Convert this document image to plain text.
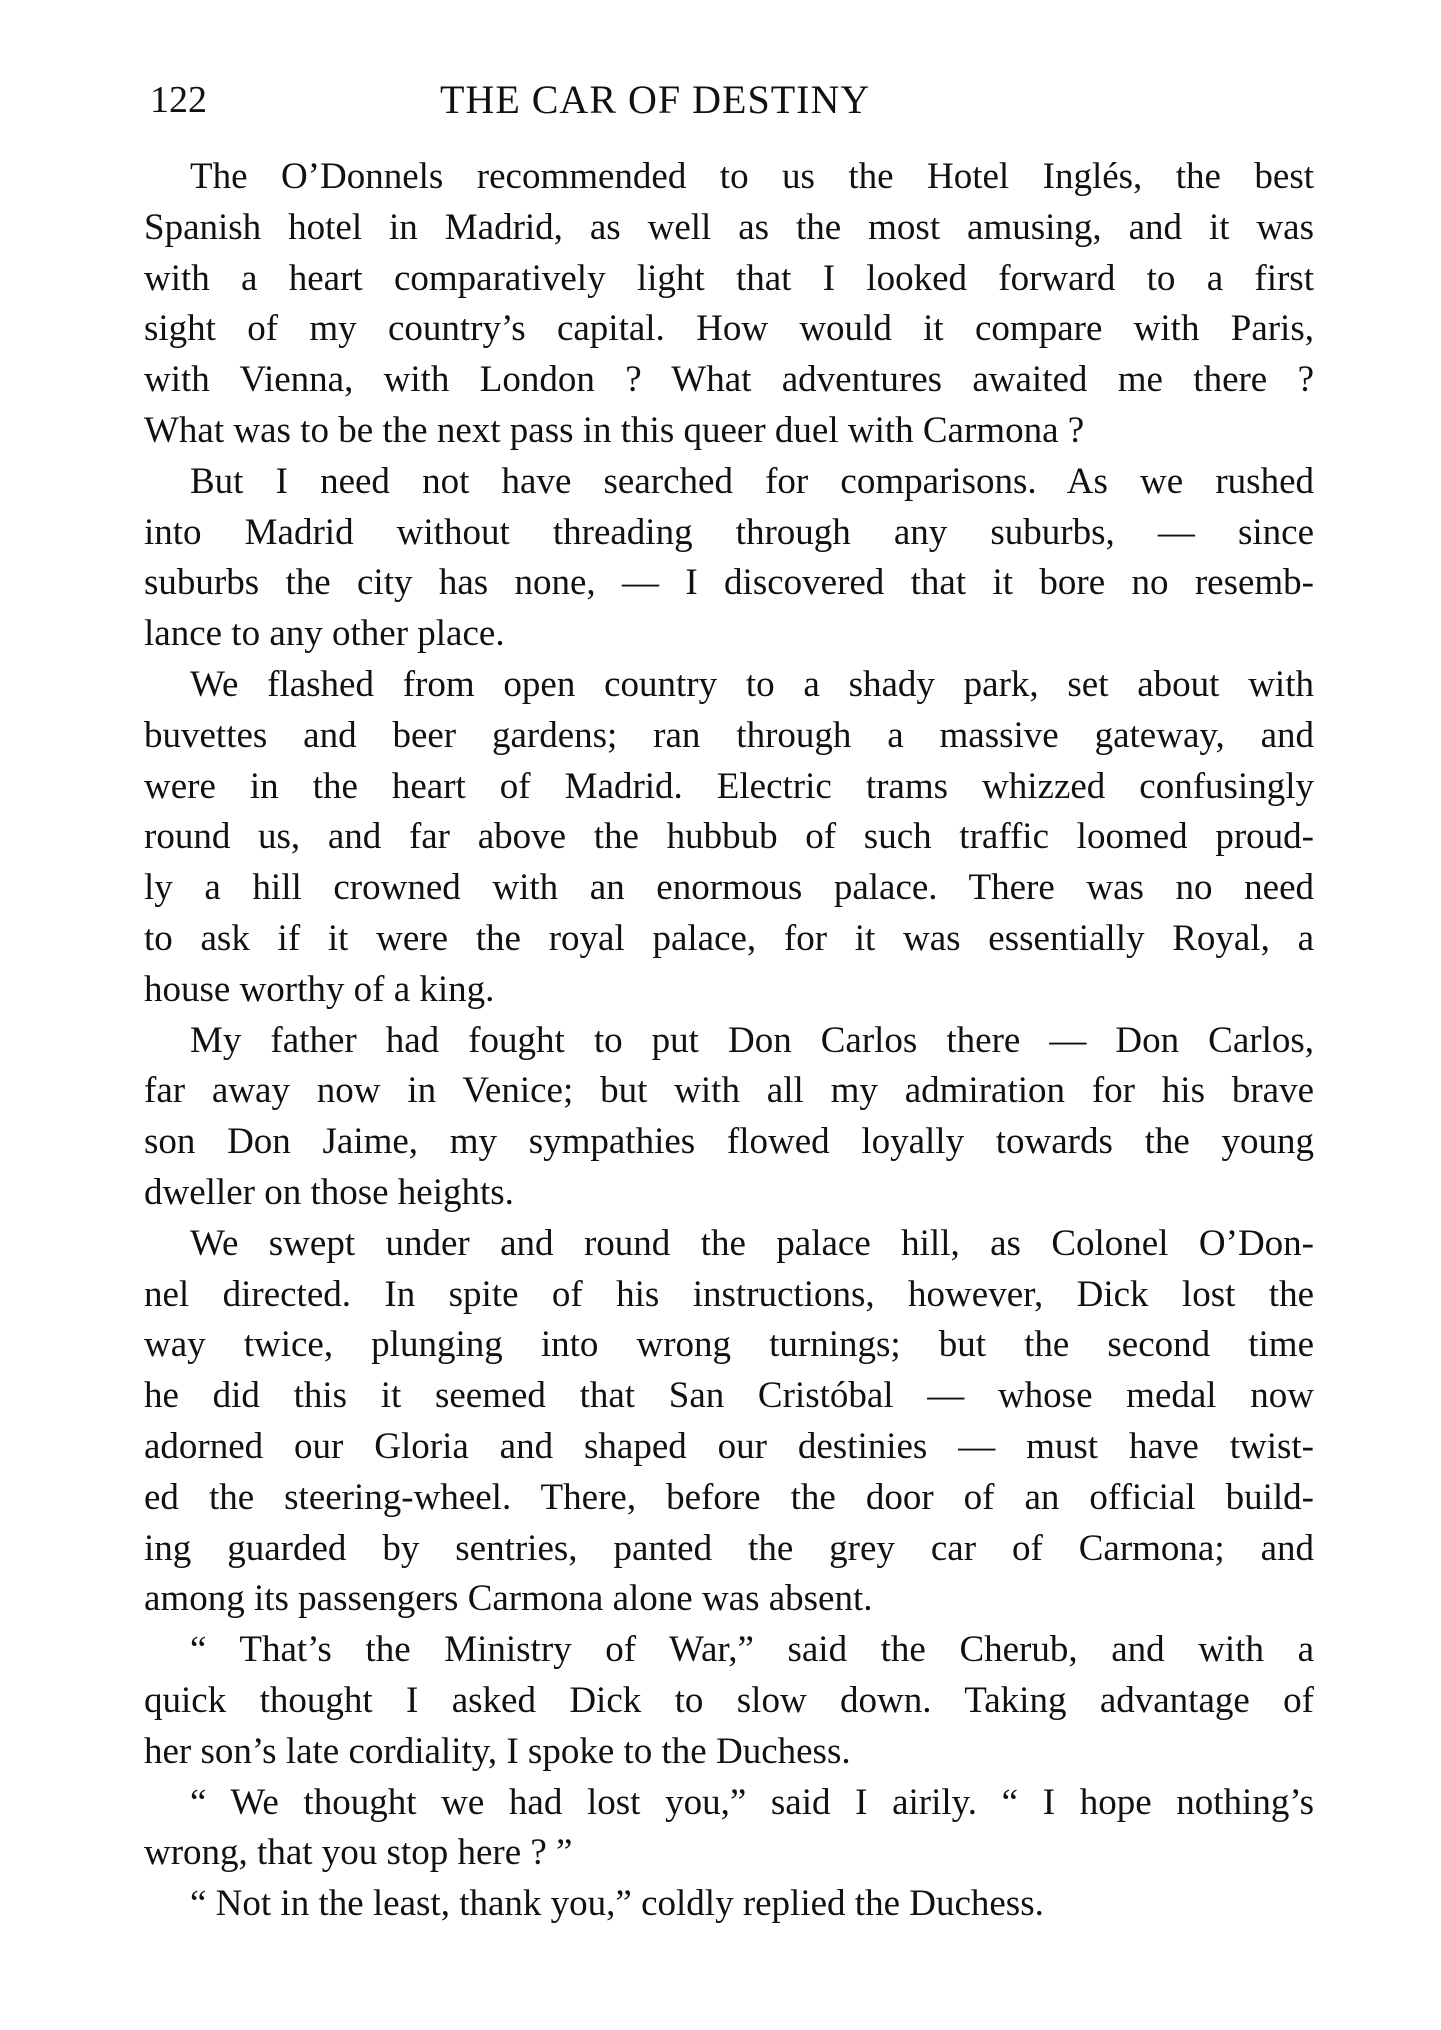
122	THE CAR OF DESTINY
The O’Donnels recommended to us the Hotel Inglés, the best
Spanish hotel in Madrid, as well as the most amusing, and it was
with a heart comparatively light that I looked forward to a first
sight of my country’s capital. How would it compare with Paris,
with Vienna, with London ? What adventures awaited me there ?
What was to be the next pass in this queer duel with Carmona ?
But I need not have searched for comparisons. As we rushed
into Madrid without threading through any suburbs, — since
suburbs the city has none, — I discovered that it bore no resemb-
lance to any other place.
We flashed from open country to a shady park, set about with
buvettes and beer gardens; ran through a massive gateway, and
were in the heart of Madrid. Electric trams whizzed confusingly
round us, and far above the hubbub of such traffic loomed proud-
ly a hill crowned with an enormous palace. There was no need
to ask if it were the royal palace, for it was essentially Royal, a
house worthy of a king.
My father had fought to put Don Carlos there — Don Carlos,
far away now in Venice; but with all my admiration for his brave
son Don Jaime, my sympathies flowed loyally towards the young
dweller on those heights.
We swept under and round the palace hill, as Colonel O’Don-
nel directed. In spite of his instructions, however, Dick lost the
way twice, plunging into wrong turnings; but the second time
he did this it seemed that San Cristóbal — whose medal now
adorned our Gloria and shaped our destinies — must have twist-
ed the steering-wheel. There, before the door of an official build-
ing guarded by sentries, panted the grey car of Carmona; and
among its passengers Carmona alone was absent.
“ That’s the Ministry of War,” said the Cherub, and with a
quick thought I asked Dick to slow down. Taking advantage of
her son’s late cordiality, I spoke to the Duchess.
“ We thought we had lost you,” said I airily. “ I hope nothing’s
wrong, that you stop here ? ”
“ Not in the least, thank you,” coldly replied the Duchess.
